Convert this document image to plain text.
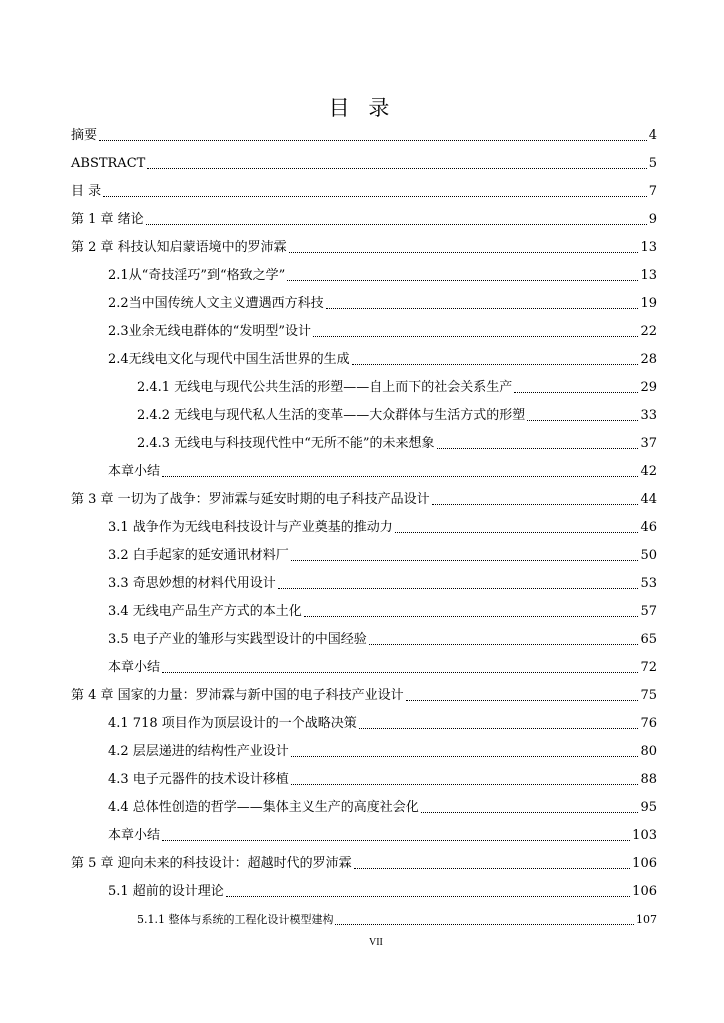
目 录
摘要	4
ABSTRACT	5
目 录	7
第 1 章 绪论	9
第 2 章 科技认知启蒙语境中的罗沛霖	13
2.1从“奇技淫巧”到“格致之学”	13
2.2当中国传统人文主义遭遇西方科技	19
2.3业余无线电群体的“发明型”设计	22
2.4无线电文化与现代中国生活世界的生成	28
2.4.1 无线电与现代公共生活的形塑——自上而下的社会关系生产	29
2.4.2 无线电与现代私人生活的变革——大众群体与生活方式的形塑	33
2.4.3 无线电与科技现代性中“无所不能”的未来想象	37
本章小结	42
第 3 章 一切为了战争：罗沛霖与延安时期的电子科技产品设计	44
3.1 战争作为无线电科技设计与产业奠基的推动力	46
3.2 白手起家的延安通讯材料厂	50
3.3 奇思妙想的材料代用设计	53
3.4 无线电产品生产方式的本土化	57
3.5 电子产业的雏形与实践型设计的中国经验	65
本章小结	72
第 4 章 国家的力量：罗沛霖与新中国的电子科技产业设计	75
4.1 718 项目作为顶层设计的一个战略决策	76
4.2 层层递进的结构性产业设计	80
4.3 电子元器件的技术设计移植	88
4.4 总体性创造的哲学——集体主义生产的高度社会化	95
本章小结	103
第 5 章 迎向未来的科技设计：超越时代的罗沛霖	106
5.1 超前的设计理论	106
5.1.1 整体与系统的工程化设计模型建构	107
VII
